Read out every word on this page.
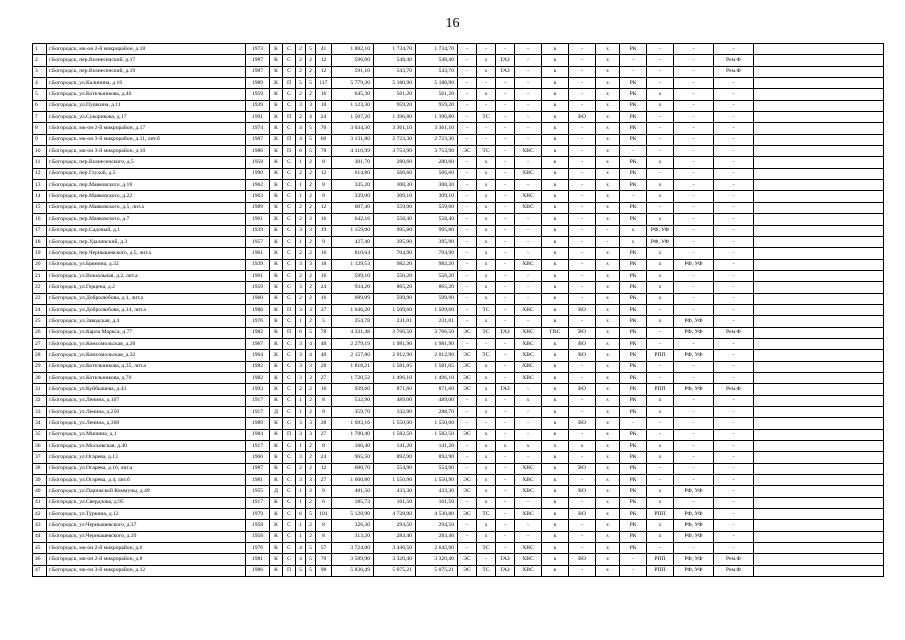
16
1	г.Богородск, мк-он 2-й микрорайон, д.18	1973	К	С	2	5	41	1 882,10	1 734,70	1 734,70	-	-	-	-	к	-	х	РК	-	-	-	
2	г.Богородск, пер.Вознесенский, д.17	1987	К	С	2	2	12	596,60	548,40	548,40	-	х	ГАЗ	-	к	-	х	-	-	-	Рем.Ф	
3	г.Богородск, пер.Вознесенский, д.19	1987	К	С	2	2	12	591,10	543,70	543,70	-	х	ГАЗ	-	к	-	х	-	-	-	Рем.Ф	
4	г.Богородск, ул.Калинина, д.16	1989	К	П	5	5	117	5 779,30	5 180,90	5 180,90	-	-	-	-	к	-	х	РК	-	-	-	
5	г.Богородск, ул.Котельникова, д.46	1959	К	С	2	2	16	645,30	561,20	561,20	-	х	-	-	к	-	х	РК	х	-	-	
6	г.Богородск, ул.Пушкина, д.11	1939	К	С	3	3	18	1 123,30	959,20	959,20	-	-	-	-	к	-	х	РК	х	-	-	
7	г.Богородск, ул.Суворикова, д.17	1991	К	П	2	4	24	1 507,20	1 396,80	1 396,80	-	ТС	-	-	к	ВО	х	РК	-	-	-	
8	г.Богородск, мк-он 2-й микрорайон, д.17	1974	К	С	4	5	70	3 634,30	3 361,10	3 361,10	-	-	-	-	к	-	х	РК	-	-	-	
9	г.Богородск, мк-он 3-й микрорайон, д.11, лит.б	1987	К	П	4	5	60	3 131,80	2 723,30	2 723,30	-	-	-	-	к	-	х	РК	-	-	-	
10	г.Богородск, мк-он 3-й микрорайон, д.10	1986	К	П	6	5	78	4 316,99	3 753,90	3 753,90	ЭС	ТС	-	ХВС	к	-	х	-	-	-	-	
11	г.Богородск, пер.Вознесенского, д.5	1958	К	С	1	2	8	301,70	280,60	280,60	-	х	-	-	к	-	х	РК	х	-	-	
12	г.Богородск, пер.Глухой, д.5	1990	К	С	2	2	12	614,80	566,60	566,60	-	х	-	ХВС	к	-	х	РК	-	-	-	
13	г.Богородск, пер.Маяковского, д.18	1962	К	С	1	2	8	335,20	308,30	308,30	-	х	-	-	к	-	х	РК	х	-	-	
14	г.Богородск, пер.Маяковского, д.22	1963	К	С	1	2	8	339,00	309,10	309,10	-	х	-	ХВС	к	-	х	-	х	-	-	
15	г.Богородск, пер.Маяковского, д.5, лит.а	1989	К	С	2	2	12	607,40	559,00	559,00	-	х	-	ХВС	к	-	х	РК	-	-	-	
16	г.Богородск, пер.Маяковского, д.7	1961	К	С	2	2	16	642,16	558,40	558,40	-	х	-	-	к	-	х	РК	х	-	-	
17	г.Богородск, пер.Садовый, д.1	1939	К	С	3	3	19	1 159,00	995,80	995,80	-	х	-	-	к	-	-	х	РФ, УФ	-	-	
18	г.Богородск, пер.Удалинский, д.3	1957	К	С	1	2	9	427,40	395,90	395,90	-	х	-	-	к	-	-	х	РФ, УФ	-	-	
19	г.Богородск, пер.Чернышевского, д.5, лит.а	1961	К	С	2	2	16	810,64	704,90	704,90	-	х	-	-	к	-	х	РК	х	-	-	
20	г.Богородск, ул.Брянина, д.32	1939	К	С	3	3	18	1 129,53	982,20	982,20	-	х	-	ХВС	к	-	х	РК	х	РФ, УФ	-	
21	г.Богородск, ул.Вокзальная, д.2, лит.а	1961	К	С	2	2	16	599,10	556,20	556,20	-	х	-	-	к	-	х	РК	х	-	-	
22	г.Богородск, ул.Герцена, д.2	1959	К	С	3	2	24	934,20	865,20	865,20	-	х	-	-	к	-	х	РК	х	-	-	
23	г.Богородск, ул.Добролюбова, д.1, лит.а	1960	К	С	2	2	16	689,09	599,90	599,90	-	х	-	-	к	-	х	РК	х	-	-	
24	г.Богородск, ул.Добролюбова, д.14, лит.а	1986	К	П	3	3	27	1 646,20	1 509,60	1 509,60	-	ТС	-	ХВС	к	ВО	х	РК	-	-	-	
25	г.Богородск, ул.Заводская, д.4	1976	К	С	1	2	5	254,78	231,01	231,01	-	х	-	-	к	-	х	РК	х	РФ, УФ	-	
26	г.Богородск, ул.Карла Маркса, д.77	1982	К	П	6	5	78	4 331,48	3 766,50	3 766,50	ЭС	ТС	ГАЗ	ХВС	ГВС	ВО	х	РК	-	РФ, УФ	Рем.Ф	
27	г.Богородск, ул.Комсомольская, д.20	1967	К	С	3	4	48	2 279,19	1 981,90	1 981,90	-	-	-	ХВС	к	ВО	х	РК	-	-	-	
28	г.Богородск, ул.Комсомольская, д.32	1964	К	С	3	4	48	2 157,80	2 012,90	2 012,90	ЭС	ТС	-	ХВС	к	ВО	х	РК	РПП	РФ, УФ	-	
29	г.Богородск, ул.Котельникова, д.35, лит.а	1982	К	С	3	3	28	1 818,21	1 581,05	1 581,05	ЭС	х	-	ХВС	к	-	х	РК	-	-	-	
30	г.Богородск, ул.Котельникова, д.70	1982	К	С	3	3	27	1 720,52	1 496,10	1 496,10	ЭС	х	-	ХВС	к	-	х	РК	-	-	-	
31	г.Богородск, ул.Куйбышева, д.43	1993	К	С	2	2	16	939,60	871,60	871,60	ЭС	х	ГАЗ	-	к	ВО	х	РК	РПП	РФ, УФ	Рем.Ф	
32	г.Богородск, ул.Ленина, д.107	1917	К	С	1	2	8	532,90	489,00	489,00	-	х	-	х	к	-	х	РК	х	-	-	
33	г.Богородск, ул.Ленина, д.250	1917	Д	С	1	2	8	359,70	332,90	288,70	-	х	-	-	к	-	х	РК	х	-	-	
34	г.Богородск, ул.Ленина, д.368	1989	К	С	3	3	28	1 693,16	1 550,00	1 550,00	-	-	-	-	к	ВО	х	-	-	-	-	
35	г.Богородск, ул.Мишина, д.1	1984	К	П	3	3	27	1 700,40	1 582,50	1 582,50	ЭС	х	-	-	к	-	х	РК	-	-	-	
36	г.Богородск, ул.Московская, д.40	1917	К	С	1	2	8	166,40	141,20	141,20	-	х	х	х	х	х	х	РК	х	-	-	
37	г.Богородск, ул.Огарева, д.13	1960	К	С	3	2	24	965,50	892,90	892,90	-	х	-	-	к	-	х	РК	х	-	-	
38	г.Богородск, ул.Огарева, д.16, лит.а	1987	К	С	2	2	12	600,70	554,90	554,90	-	х	-	ХВС	к	ВО	х	РК	-	-	-	
39	г.Богородск, ул.Огарева, д.4, лит.б	1981	К	С	3	3	27	1 600,80	1 550,90	1 550,90	ЭС	х	-	ХВС	к	-	х	РК	-	-	-	
40	г.Богородск, ул.Парижской Коммуны, д.48	1955	Д	С	1	2	9	481,50	433,30	433,30	ЭС	х	-	ХВС	к	ВО	х	РК	х	РФ, УФ	-	
41	г.Богородск, ул.Свердлова, д.95	1917	К	С	1	2	6	185,73	161,50	161,50	-	х	-	-	к	-	х	РК	х	-	-	
42	г.Богородск, ул.Туркина, д.12	1979	К	С	6	5	101	5 128,90	4 728,00	4 530,80	ЭС	ТС	-	ХВС	к	ВО	х	РК	РПП	РФ, УФ	-	
43	г.Богородск, ул.Чернышевского, д.37	1958	К	С	1	2	8	326,30	294,50	294,50	-	х	-	-	к	-	х	РК	х	РФ, УФ	-	
44	г.Богородск, ул.Чернышевского, д.39	1958	К	С	1	2	8	313,20	283,40	283,40	-	х	-	-	к	-	х	РК	х	РФ, УФ	-	
45	г.Богородск, мк-он 2-й микрорайон, д.6	1976	К	С	4	5	57	3 724,00	3 446,50	2 645,90	-	ТС	-	ХВС	к	-	х	РК	-	-	-	
46	г.Богородск, мк-он 2-й микрорайон, д.8	1981	К	С	4	5	70	3 589,90	3 320,40	3 320,40	ЭС	-	ГАЗ	ХВС	к	ВО	х	-	РПП	РФ, УФ	Рем.Ф	
47	г.Богородск, мк-он 3-й микрорайон, д.12	1986	К	П	5	5	98	5 836,49	5 075,21	5 075,21	ЭС	ТС	ГАЗ	ХВС	к	-	х	-	РПП	РФ, УФ	Рем.Ф	
